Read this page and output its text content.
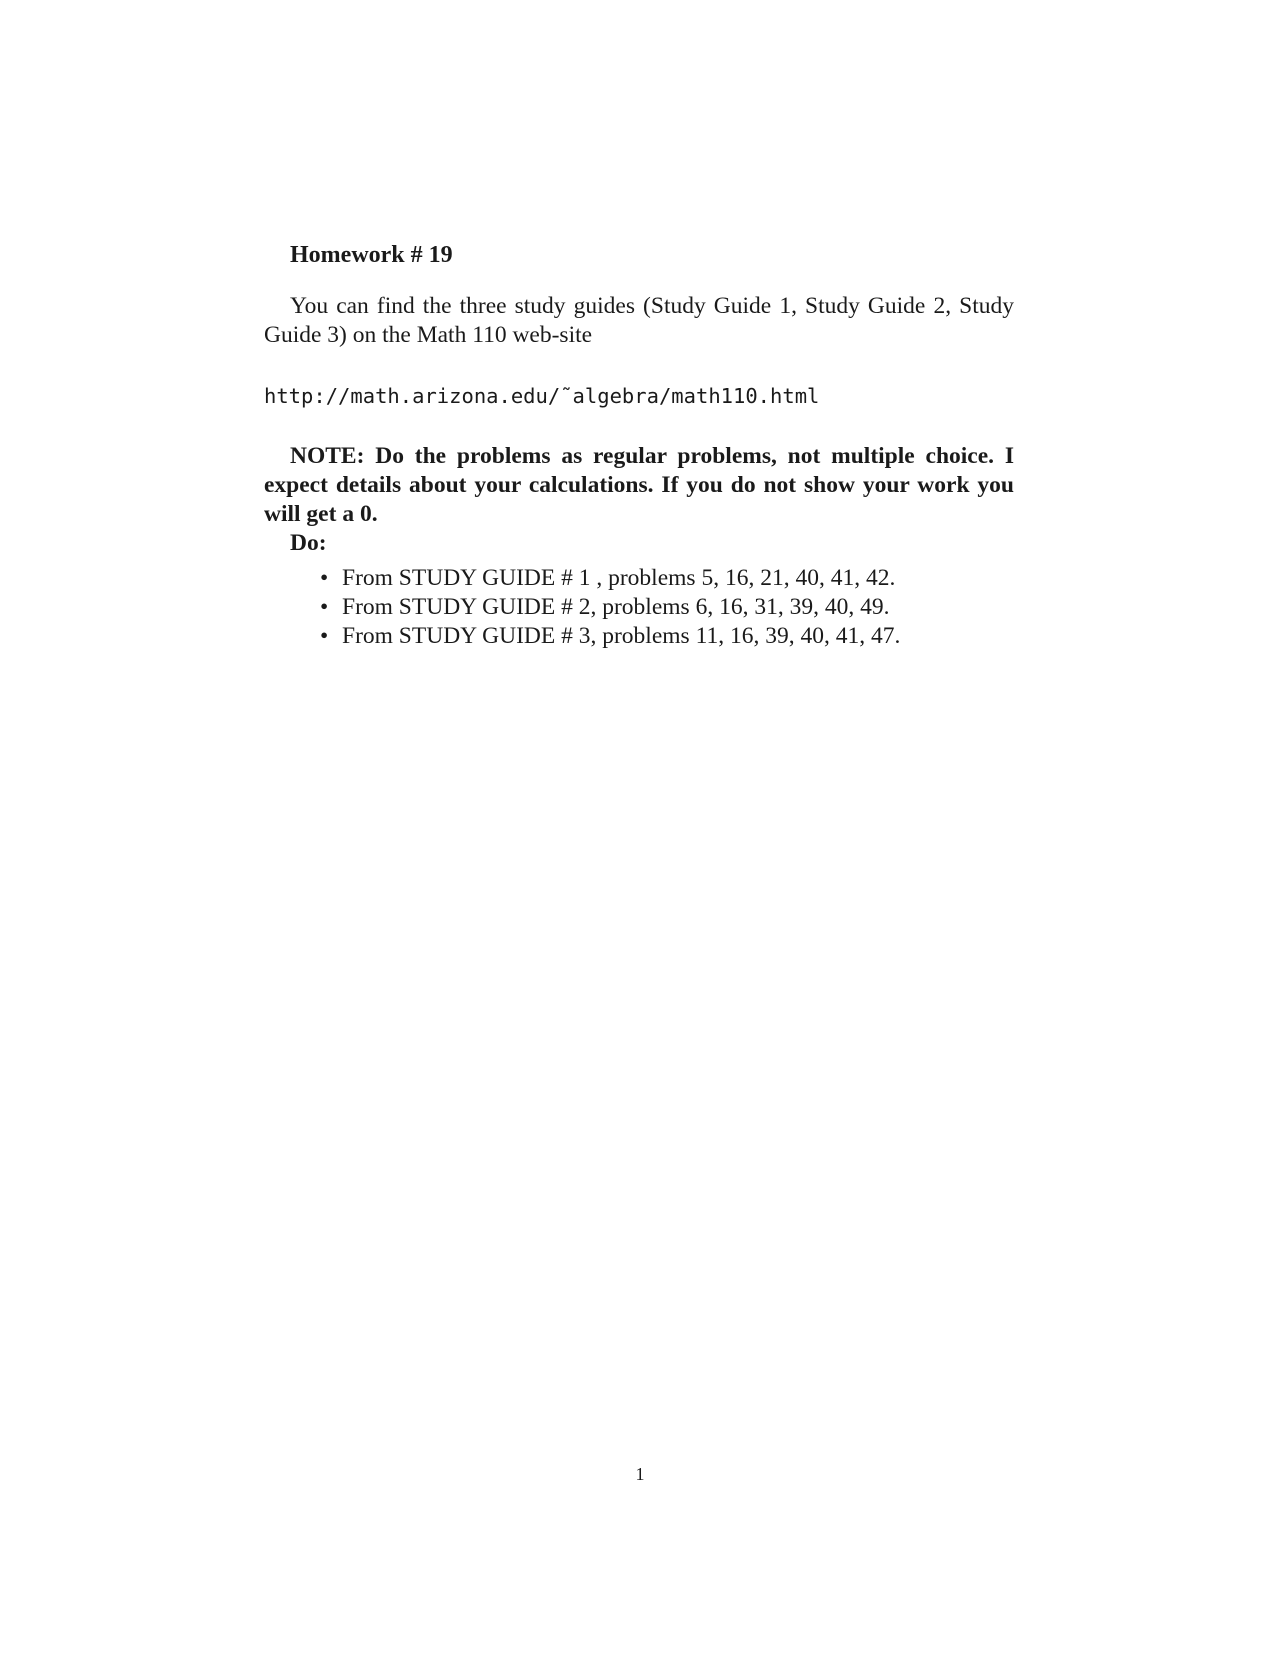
Homework # 19

You can find the three study guides (Study Guide 1, Study Guide 2, Study Guide 3) on the Math 110 web-site

http://math.arizona.edu/˜algebra/math110.html

NOTE: Do the problems as regular problems, not multiple choice. I expect details about your calculations. If you do not show your work you will get a 0.

Do:
• From STUDY GUIDE # 1 , problems 5, 16, 21, 40, 41, 42.
• From STUDY GUIDE # 2, problems 6, 16, 31, 39, 40, 49.
• From STUDY GUIDE # 3, problems 11, 16, 39, 40, 41, 47.
1
